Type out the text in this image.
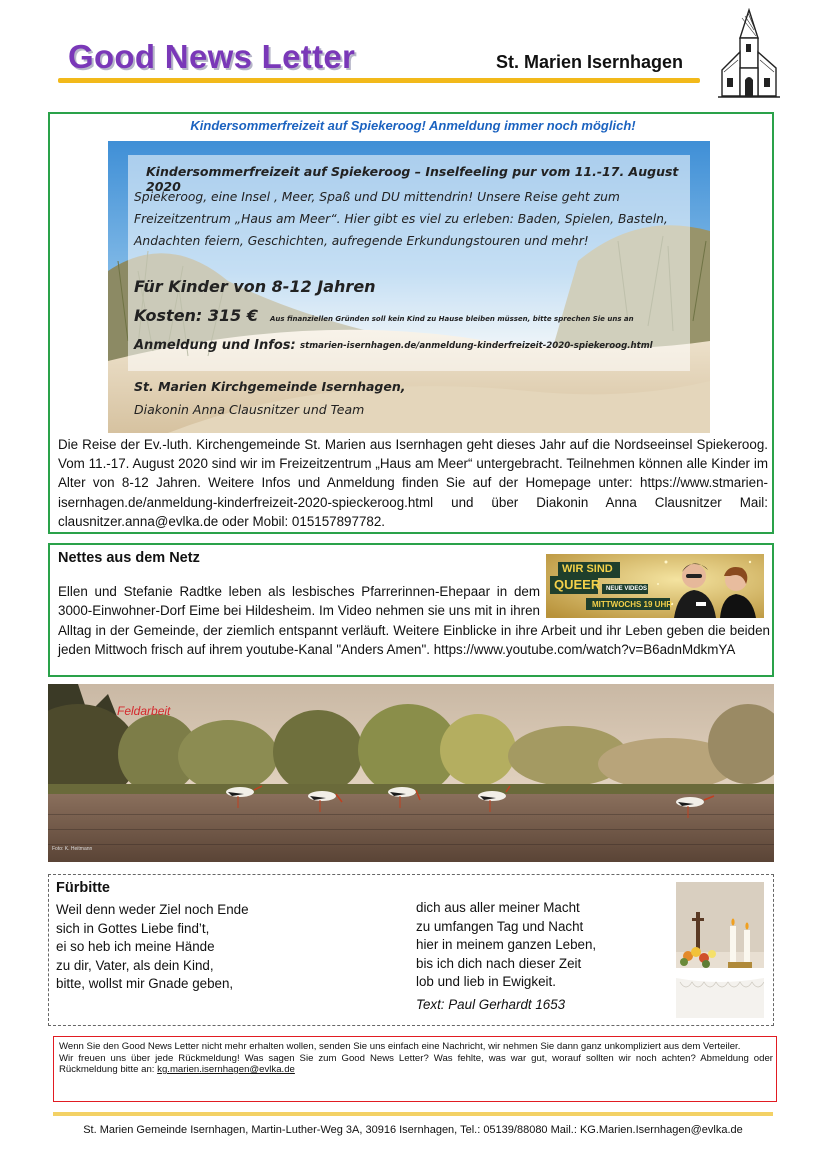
Good News Letter	St. Marien Isernhagen
Kindersommerfreizeit auf Spiekeroog! Anmeldung immer noch möglich!
Kindersommerfreizeit auf Spiekeroog – Inselfeeling pur vom 11.-17. August 2020
Spiekeroog, eine Insel , Meer, Spaß und DU mittendrin! Unsere Reise geht zum Freizeitzentrum „Haus am Meer“. Hier gibt es viel zu erleben: Baden, Spielen, Basteln, Andachten feiern, Geschichten, aufregende Erkundungstouren und mehr!
Für Kinder von 8-12 Jahren
Kosten: 315 € Aus finanziellen Gründen soll kein Kind zu Hause bleiben müssen, bitte sprechen Sie uns an
Anmeldung und Infos: stmarien-isernhagen.de/anmeldung-kinderfreizeit-2020-spiekeroog.html
St. Marien Kirchgemeinde Isernhagen,
Diakonin Anna Clausnitzer und Team
Die Reise der Ev.-luth. Kirchengemeinde St. Marien aus Isernhagen geht dieses Jahr auf die Nordseeinsel Spiekeroog. Vom 11.-17. August 2020 sind wir im Freizeitzentrum „Haus am Meer“ untergebracht. Teilnehmen können alle Kinder im Alter von 8-12 Jahren. Weitere Infos und Anmeldung finden Sie auf der Homepage unter: https://www.stmarien-isernhagen.de/anmeldung-kinderfreizeit-2020-spieckeroog.html und über Diakonin Anna Clausnitzer Mail: clausnitzer.anna@evlka.de oder Mobil: 015157897782.
Nettes aus dem Netz
WIR SIND
QUEER NEUE VIDEOS
MITTWOCHS 19 UHR
Ellen und Stefanie Radtke leben als lesbisches Pfarrerinnen-Ehepaar in dem 3000-Einwohner-Dorf Eime bei Hildesheim. Im Video nehmen sie uns mit in ihren Alltag in der Gemeinde, der ziemlich entspannt verläuft. Weitere Einblicke in ihre Arbeit und ihr Leben geben die beiden jeden Mittwoch frisch auf ihrem youtube-Kanal "Anders Amen". https://www.youtube.com/watch?v=B6adnMdkmYA
Feldarbeit
Foto: K. Heitmann
Fürbitte
Weil denn weder Ziel noch Ende
sich in Gottes Liebe find’t,
ei so heb ich meine Hände
zu dir, Vater, als dein Kind,
bitte, wollst mir Gnade geben,
dich aus aller meiner Macht
zu umfangen Tag und Nacht
hier in meinem ganzen Leben,
bis ich dich nach dieser Zeit
lob und lieb in Ewigkeit.
Text: Paul Gerhardt 1653
Wenn Sie den Good News Letter nicht mehr erhalten wollen, senden Sie uns einfach eine Nachricht, wir nehmen Sie dann ganz unkompliziert aus dem Verteiler.
Wir freuen uns über jede Rückmeldung! Was sagen Sie zum Good News Letter? Was fehlte, was war gut, worauf sollten wir noch achten? Abmeldung oder Rückmeldung bitte an: kg.marien.isernhagen@evlka.de
St. Marien Gemeinde Isernhagen, Martin-Luther-Weg 3A, 30916 Isernhagen, Tel.: 05139/88080 Mail.: KG.Marien.Isernhagen@evlka.de
